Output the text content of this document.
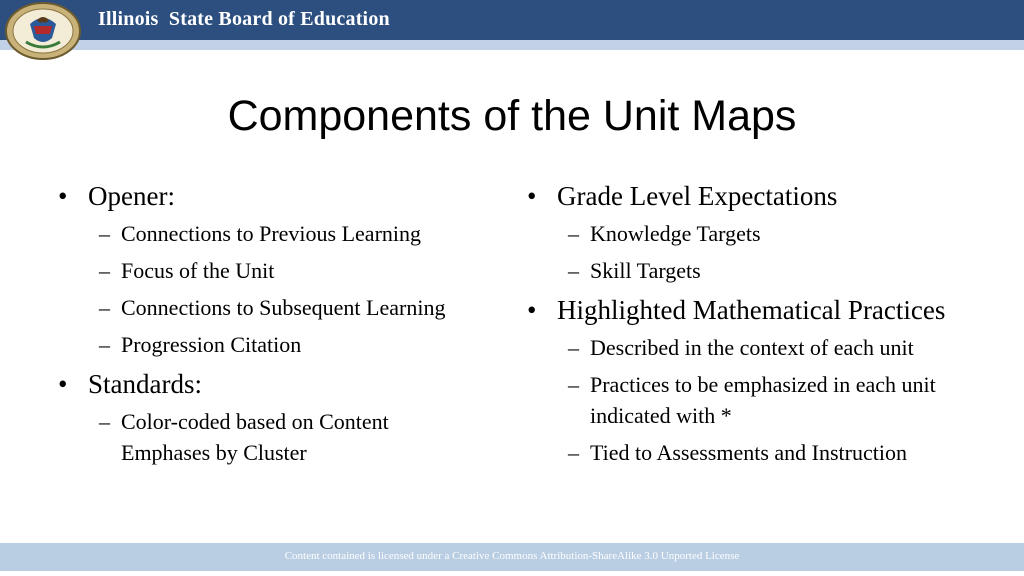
Illinois  State Board of Education
Components of the Unit Maps
• Opener:
– Connections to Previous Learning
– Focus of the Unit
– Connections to Subsequent Learning
– Progression Citation
• Standards:
– Color-coded based on Content Emphases by Cluster
• Grade Level Expectations
– Knowledge Targets
– Skill Targets
• Highlighted Mathematical Practices
– Described in the context of each unit
– Practices to be emphasized in each unit indicated with *
– Tied to Assessments and Instruction
Content contained is licensed under a Creative Commons Attribution-ShareAlike 3.0 Unported License
